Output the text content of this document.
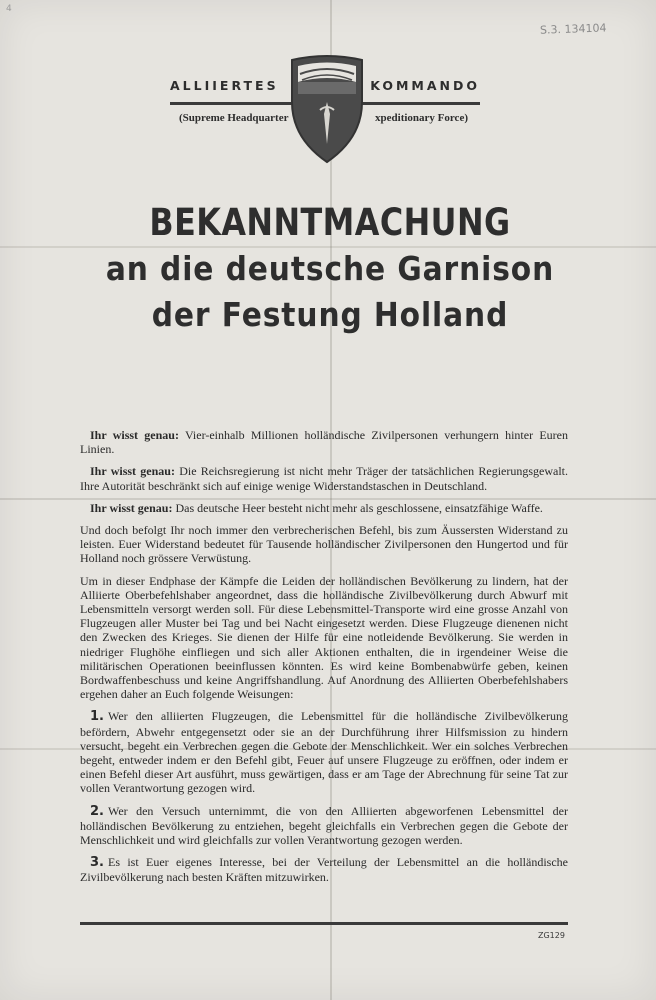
4
S.3. 134104
ALLIIERTES	KOMMANDO
(Supreme Headquarter	xpeditionary Force)
BEKANNTMACHUNG
an die deutsche Garnison
der Festung Holland

Ihr wisst genau: Vier-einhalb Millionen holländische Zivilpersonen verhungern hinter Euren Linien.

Ihr wisst genau: Die Reichsregierung ist nicht mehr Träger der tatsächlichen Regierungsgewalt. Ihre Autorität beschränkt sich auf einige wenige Widerstandstaschen in Deutschland.

Ihr wisst genau: Das deutsche Heer besteht nicht mehr als geschlossene, einsatzfähige Waffe.

Und doch befolgt Ihr noch immer den verbrecherischen Befehl, bis zum Äussersten Widerstand zu leisten. Euer Widerstand bedeutet für Tausende holländischer Zivilpersonen den Hungertod und für Holland noch grössere Verwüstung.

Um in dieser Endphase der Kämpfe die Leiden der holländischen Bevölkerung zu lindern, hat der Alliierte Oberbefehlshaber angeordnet, dass die holländische Zivilbevölkerung durch Abwurf mit Lebensmitteln versorgt werden soll. Für diese Lebensmittel-Transporte wird eine grosse Anzahl von Flugzeugen aller Muster bei Tag und bei Nacht eingesetzt werden. Diese Flugzeuge dienenen nicht den Zwecken des Krieges. Sie dienen der Hilfe für eine notleidende Bevölkerung. Sie werden in niedriger Flughöhe einfliegen und sich aller Aktionen enthalten, die in irgendeiner Weise die militärischen Operationen beeinflussen könnten. Es wird keine Bombenabwürfe geben, keinen Bordwaffenbeschuss und keine Angriffshandlung. Auf Anordnung des Alliierten Oberbefehlshabers ergehen daher an Euch folgende Weisungen:

1. Wer den alliierten Flugzeugen, die Lebensmittel für die holländische Zivilbevölkerung befördern, Abwehr entgegensetzt oder sie an der Durchführung ihrer Hilfsmission zu hindern versucht, begeht ein Verbrechen gegen die Gebote der Menschlichkeit. Wer ein solches Verbrechen begeht, entweder indem er den Befehl gibt, Feuer auf unsere Flugzeuge zu eröffnen, oder indem er einen Befehl dieser Art ausführt, muss gewärtigen, dass er am Tage der Abrechnung für seine Tat zur vollen Verantwortung gezogen wird.

2. Wer den Versuch unternimmt, die von den Alliierten abgeworfenen Lebensmittel der holländischen Bevölkerung zu entziehen, begeht gleichfalls ein Verbrechen gegen die Gebote der Menschlichkeit und wird gleichfalls zur vollen Verantwortung gezogen werden.

3. Es ist Euer eigenes Interesse, bei der Verteilung der Lebensmittel an die holländische Zivilbevölkerung nach besten Kräften mitzuwirken.

ZG129
